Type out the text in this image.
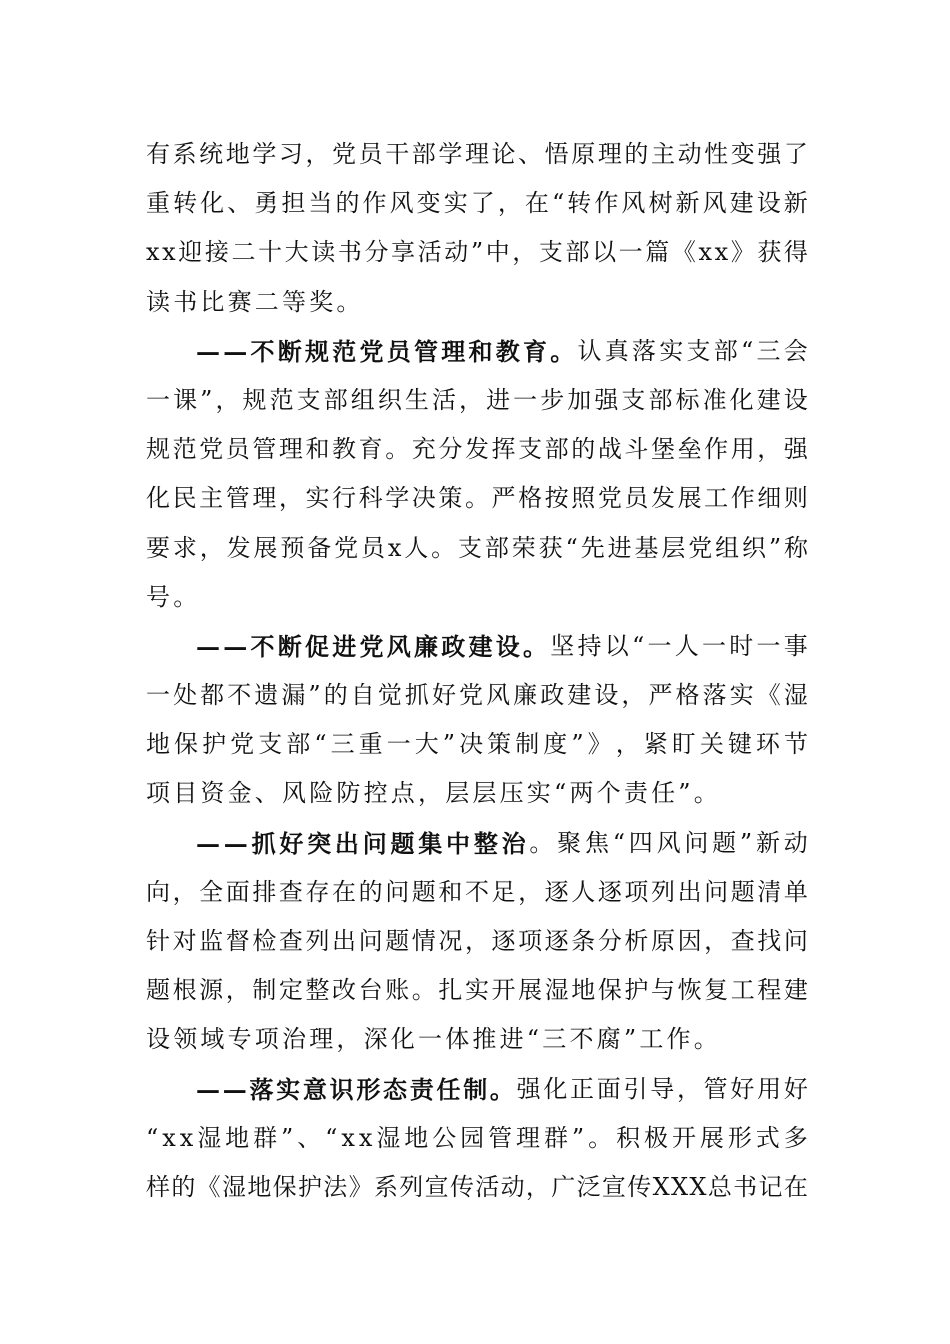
有 系 统 地 学 习 ， 党 员 干 部 学 理 论 、 悟 原 理 的 主 动 性 变 强 了
重 转 化 、 勇 担 当 的 作 风 变 实 了 ， 在 “ 转 作 风 树 新 风 建 设 新
x x 迎 接 二 十 大 读 书 分 享 活 动 ” 中 ， 支 部 以 一 篇 《 x x 》 获 得
读书比赛二等奖。
— — 不 断 规 范 党 员 管 理 和 教 育 。 认 真 落 实 支 部 “ 三 会
一 课 ” ， 规 范 支 部 组 织 生 活 ， 进 一 步 加 强 支 部 标 准 化 建 设
规 范 党 员 管 理 和 教 育 。 充 分 发 挥 支 部 的 战 斗 堡 垒 作 用 ， 强
化 民 主 管 理 ， 实 行 科 学 决 策 。 严 格 按 照 党 员 发 展 工 作 细 则
要 求 ， 发 展 预 备 党 员 x 人 。 支 部 荣 获 “ 先 进 基 层 党 组 织 ” 称
号。
— — 不 断 促 进 党 风 廉 政 建 设 。 坚 持 以 “ 一 人 一 时 一 事
一 处 都 不 遗 漏 ” 的 自 觉 抓 好 党 风 廉 政 建 设 ， 严 格 落 实 《 湿
地 保 护 党 支 部 “ 三 重 一 大 ” 决 策 制 度 ” 》 ， 紧 盯 关 键 环 节
项目资金、风险防控点，层层压实“两个责任”。
— — 抓 好 突 出 问 题 集 中 整 治 。 聚 焦 “ 四 风 问 题 ” 新 动
向 ， 全 面 排 查 存 在 的 问 题 和 不 足 ， 逐 人 逐 项 列 出 问 题 清 单
针 对 监 督 检 查 列 出 问 题 情 况 ， 逐 项 逐 条 分 析 原 因 ， 查 找 问
题 根 源 ， 制 定 整 改 台 账 。 扎 实 开 展 湿 地 保 护 与 恢 复 工 程 建
设领域专项治理，深化一体推进“三不腐”工作。
— — 落 实 意 识 形 态 责 任 制 。 强 化 正 面 引 导 ， 管 好 用 好
“ x x 湿 地 群 ” 、 “ x x 湿 地 公 园 管 理 群 ” 。 积 极 开 展 形 式 多
样 的 《 湿 地 保 护 法 》 系 列 宣 传 活 动 ， 广 泛 宣 传 X X X 总 书 记 在
